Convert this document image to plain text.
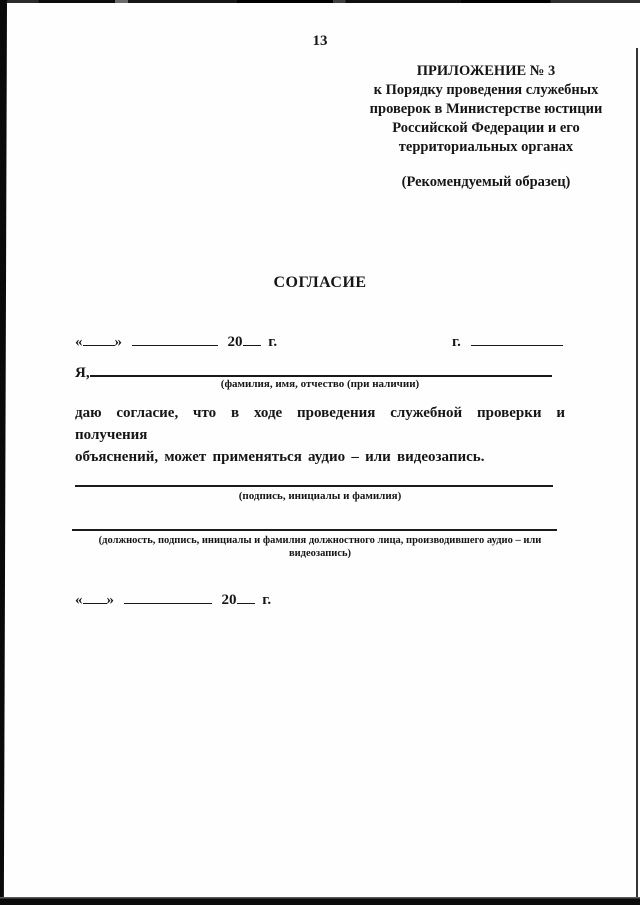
13
ПРИЛОЖЕНИЕ № 3
к Порядку проведения служебных
проверок в Министерстве юстиции
Российской Федерации и его
территориальных органах
(Рекомендуемый образец)
СОГЛАСИЕ
« »	20 г.	г.
Я,
(фамилия, имя, отчество (при наличии)
даю согласие, что в ходе проведения служебной проверки и получения
объяснений, может применяться аудио – или видеозапись.
(подпись, инициалы и фамилия)
(должность, подпись, инициалы и фамилия должностного лица, производившего аудио – или видеозапись)
« »	20 г.
